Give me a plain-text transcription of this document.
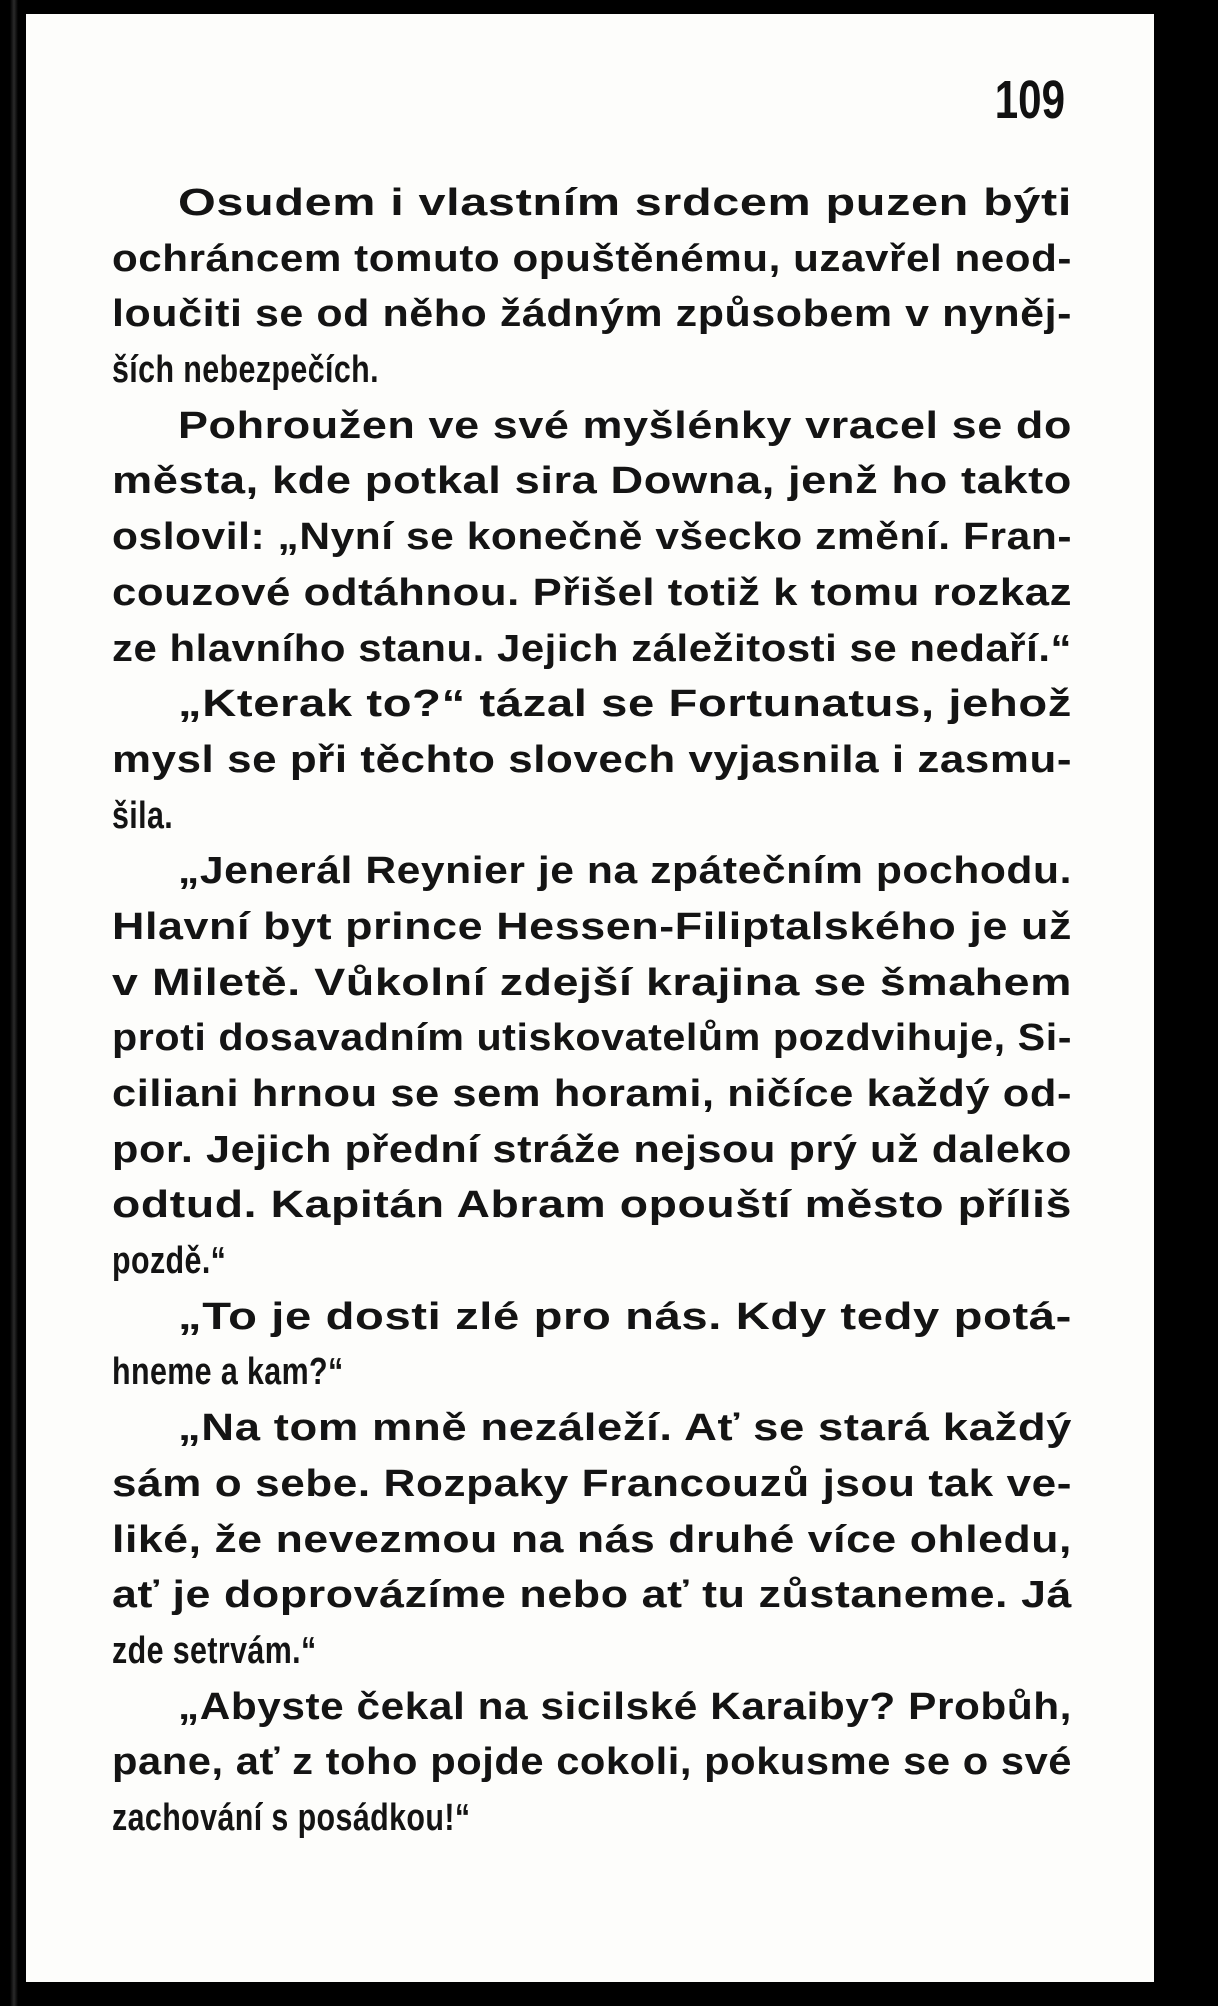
109
Osudem i vlastním srdcem puzen býti
ochráncem tomuto opuštěnému, uzavřel neod-
loučiti se od něho žádným způsobem v nyněj-
ších nebezpečích.
Pohroužen ve své myšlénky vracel se do
města, kde potkal sira Downa, jenž ho takto
oslovil: „Nyní se konečně všecko změní. Fran-
couzové odtáhnou. Přišel totiž k tomu rozkaz
ze hlavního stanu. Jejich záležitosti se nedaří.“
„Kterak to?“ tázal se Fortunatus, jehož
mysl se při těchto slovech vyjasnila i zasmu-
šila.
„Jenerál Reynier je na zpátečním pochodu.
Hlavní byt prince Hessen-Filiptalského je už
v Miletě. Vůkolní zdejší krajina se šmahem
proti dosavadním utiskovatelům pozdvihuje, Si-
ciliani hrnou se sem horami, ničíce každý od-
por. Jejich přední stráže nejsou prý už daleko
odtud. Kapitán Abram opouští město příliš
pozdě.“
„To je dosti zlé pro nás. Kdy tedy potá-
hneme a kam?“
„Na tom mně nezáleží. Ať se stará každý
sám o sebe. Rozpaky Francouzů jsou tak ve-
liké, že nevezmou na nás druhé více ohledu,
ať je doprovázíme nebo ať tu zůstaneme. Já
zde setrvám.“
„Abyste čekal na sicilské Karaiby? Probůh,
pane, ať z toho pojde cokoli, pokusme se o své
zachování s posádkou!“
